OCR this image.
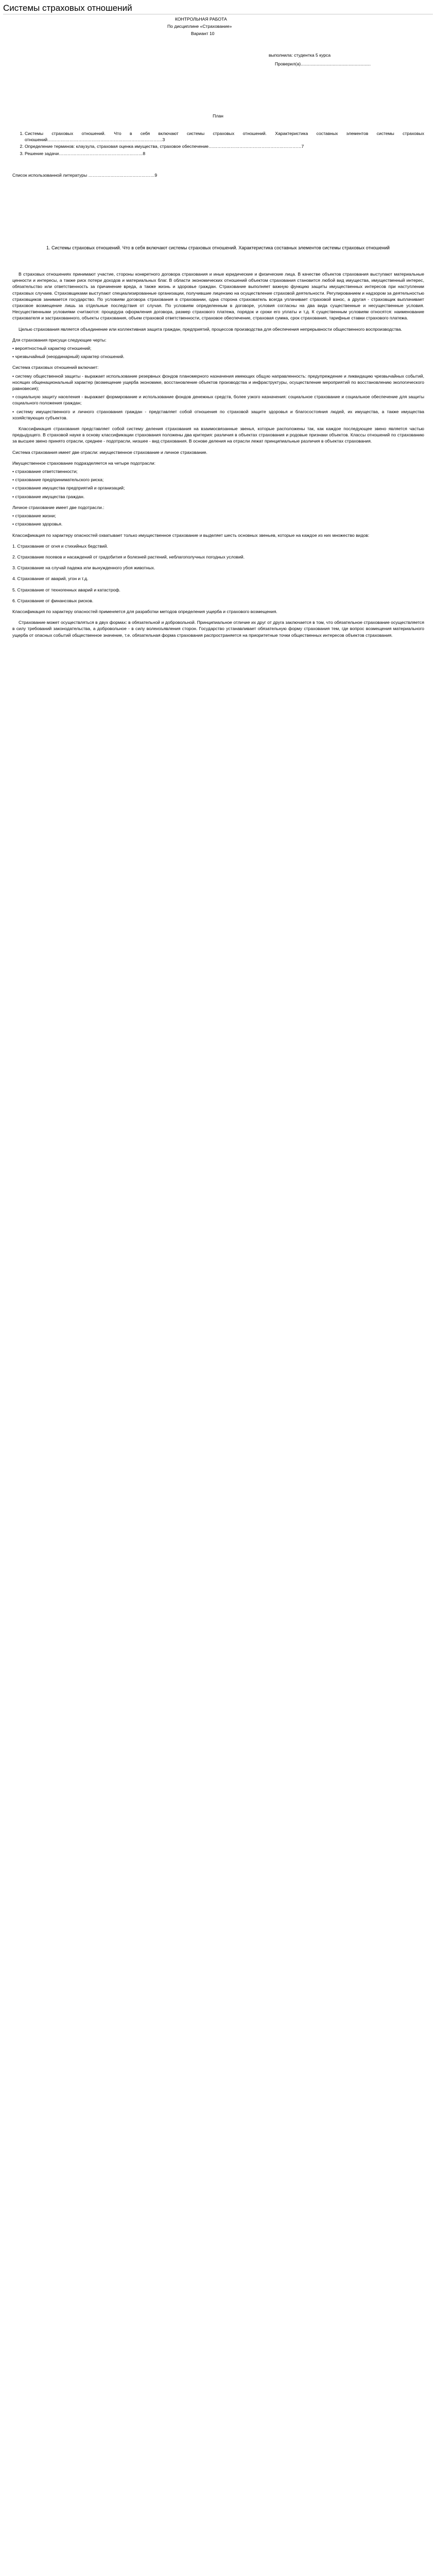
Системы страховых отношений
КОНТРОЛЬНАЯ РАБОТА
По дисциплине «Страхование»
Вариант 10
выполнила: студентка 5 курса
Проверил(а).........................................................
План
1. Системы страховых отношений. Что в себя включают системы страховых отношений. Характеристика составных элементов системы страховых отношений……………………………………………………………………3
2. Определение терминов: клаузула, страховая оценка имущества, страховое обеспечение………………………………………………………7
3. Решение задачи…………………………………………………8
Список использованной литературы ………………………………………9
1. Системы страховых отношений. Что в себя включают системы страховых отношений. Характеристика составных элементов системы страховых отношений

В страховых отношениях принимают участие, стороны конкретного договора страхования и иные юридические и физические лица. В качестве объектов страхования выступают материальные ценности и интересы, а также риск потери доходов и материальных благ. В области экономических отношений объектом страхования становится любой вид имущества, имущественный интерес, обязательство или ответственность за причинение вреда, а также жизнь и здоровье граждан. Страхование выполняет важную функцию защиты имущественных интересов при наступлении страховых случаев. Страховщиками выступают специализированные организации, получившие лицензию на осуществление страховой деятельности. Регулированием и надзором за деятельностью страховщиков занимается государство. По условиям договора страхования в страховании, одна сторона страхователь всегда уплачивает страховой взнос, а другая - страховщик выплачивает страховое возмещение лишь за отдельные последствия от случая. По условиям определенным в договоре, условия согласны на два вида существенные и несущественные условия. Несущественными условиями считаются: процедура оформления договора, размер страхового платежа, порядок и сроки его уплаты и т.д. К существенным условиям относятся: наименование страхователя и застрахованного, объекты страхования, объем страховой ответственности, страховое обеспечение, страховая сумма, срок страхования, тарифные ставки страхового платежа.

Целью страхования является объединение или коллективная защита граждан, предприятий, процессов производства для обеспечения непрерывности общественного воспроизводства.

Для страхования присущи следующие черты:

• вероятностный характер отношений;

• чрезвычайный (неординарный) характер отношений.

Система страховых отношений включает:

• систему общественной защиты - выражает использование резервных фондов планомерного назначения имеющих общую направленность: предупреждение и ликвидацию чрезвычайных событий, носящих общенациональный характер (возмещение ущерба экономике, восстановление объектов производства и инфраструктуры, осуществление мероприятий по восстановлению экологического равновесия);

• социальную защиту населения - выражает формирование и использование фондов денежных средств, более узкого назначения: социальное страхование и социальное обеспечение для защиты социального положения граждан;

• систему имущественного и личного страхования граждан - представляет собой отношения по страховой защите здоровья и благосостояния людей, их имущества, а также имущества хозяйствующих субъектов.

Классификация страхования представляет собой систему деления страхования на взаимосвязанные звенья, которые расположены так, как каждое последующее звено является частью предыдущего. В страховой науке в основу классификации страхования положены два критерия: различия в объектах страхования и родовые признаки объектов. Классы отношений по страхованию за высшее звено принято отрасли, среднее - подотрасли, низшее - вид страхования. В основе деления на отрасли лежат принципиальные различия в объектах страхования.

Система страхования имеет две отрасли: имущественное страхование и личное страхование.

Имущественное страхование подразделяется на четыре подотрасли:

• страхование ответственности;

• страхование предпринимательского риска;

• страхование имущества предприятий и организаций;

• страхование имущества граждан.

Личное страхование имеет две подотрасли.:

• страхование жизни;

• страхование здоровья.

Классификация по характеру опасностей охватывает только имущественное страхование и выделяет шесть основных звеньев, которые на каждое из них множество видов:

1. Страхование от огня и стихийных бедствий.

2. Страхование посевов и насаждений от градобития и болезней растений, неблагополучных погодных условий.

3. Страхование на случай падежа или вынужденного убоя животных.

4. Страхование от аварий, угон и т.д.

5. Страхование от техногенных аварий и катастроф.

6. Страхование от финансовых рисков.

Классификация по характеру опасностей применяется для разработки методов определения ущерба и страхового возмещения.

Страхование может осуществляться в двух формах: в обязательной и добровольной. Принципиальное отличие их друг от друга заключается в том, что обязательное страхование осуществляется в силу требований законодательства, а добровольное - в силу волеизъявления сторон. Государство устанавливает обязательную форму страхования тем, где вопрос возмещения материального ущерба от опасных событий общественное значение, т.е. обязательная форма страхования распространяется на приоритетные точки общественных интересов объектов страхования.
